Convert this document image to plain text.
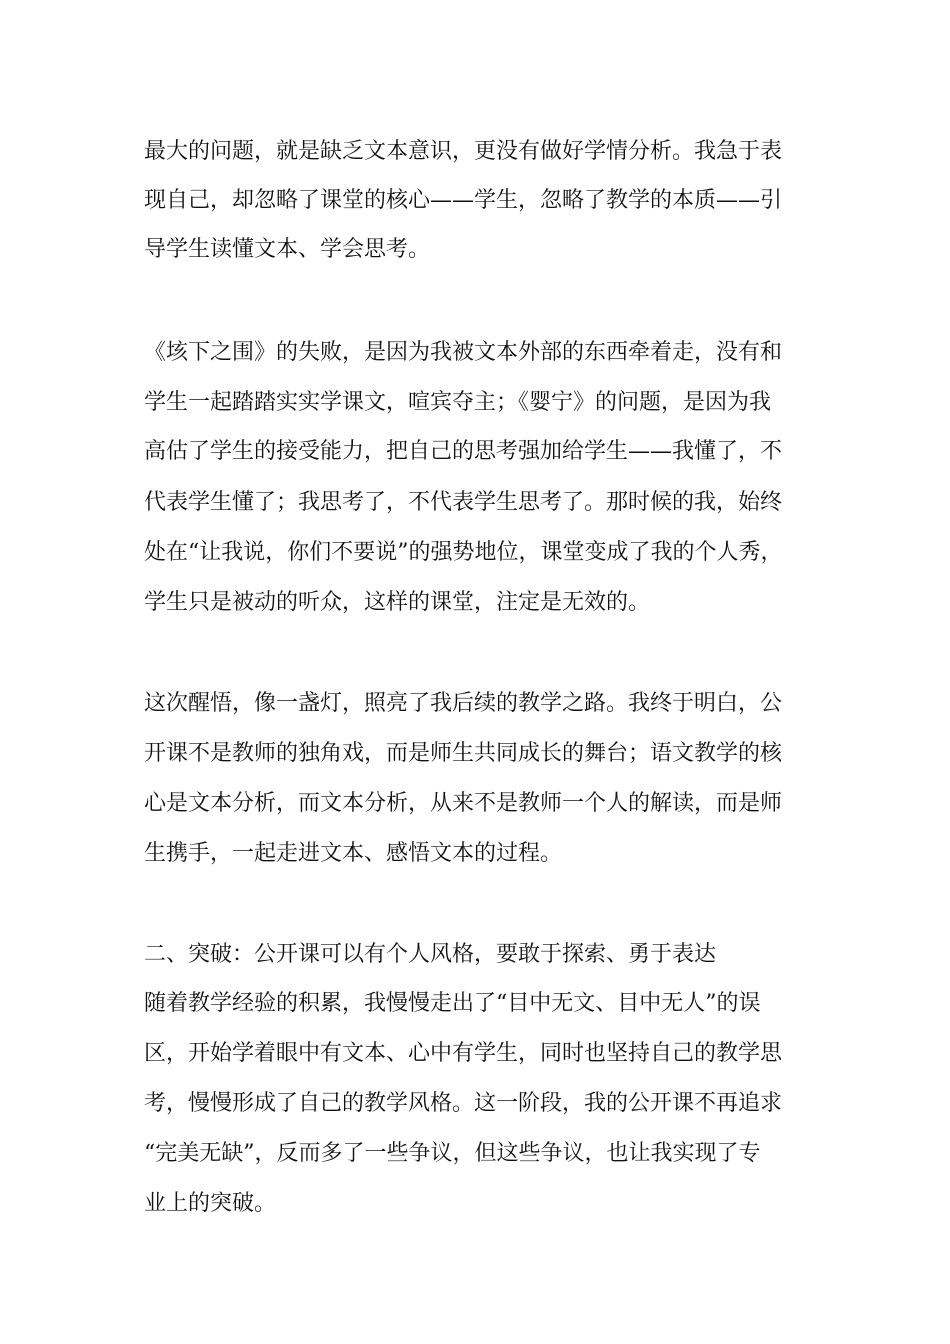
最大的问题，就是缺乏文本意识，更没有做好学情分析。我急于表
现自己，却忽略了课堂的核心——学生，忽略了教学的本质——引
导学生读懂文本、学会思考。
《垓下之围》的失败，是因为我被文本外部的东西牵着走，没有和
学生一起踏踏实实学课文，喧宾夺主；《婴宁》的问题，是因为我
高估了学生的接受能力，把自己的思考强加给学生——我懂了，不
代表学生懂了；我思考了，不代表学生思考了。那时候的我，始终
处在“让我说，你们不要说”的强势地位，课堂变成了我的个人秀，
学生只是被动的听众，这样的课堂，注定是无效的。
这次醒悟，像一盏灯，照亮了我后续的教学之路。我终于明白，公
开课不是教师的独角戏，而是师生共同成长的舞台；语文教学的核
心是文本分析，而文本分析，从来不是教师一个人的解读，而是师
生携手，一起走进文本、感悟文本的过程。
二、突破：公开课可以有个人风格，要敢于探索、勇于表达
随着教学经验的积累，我慢慢走出了“目中无文、目中无人”的误
区，开始学着眼中有文本、心中有学生，同时也坚持自己的教学思
考，慢慢形成了自己的教学风格。这一阶段，我的公开课不再追求
“完美无缺”，反而多了一些争议，但这些争议，也让我实现了专
业上的突破。
